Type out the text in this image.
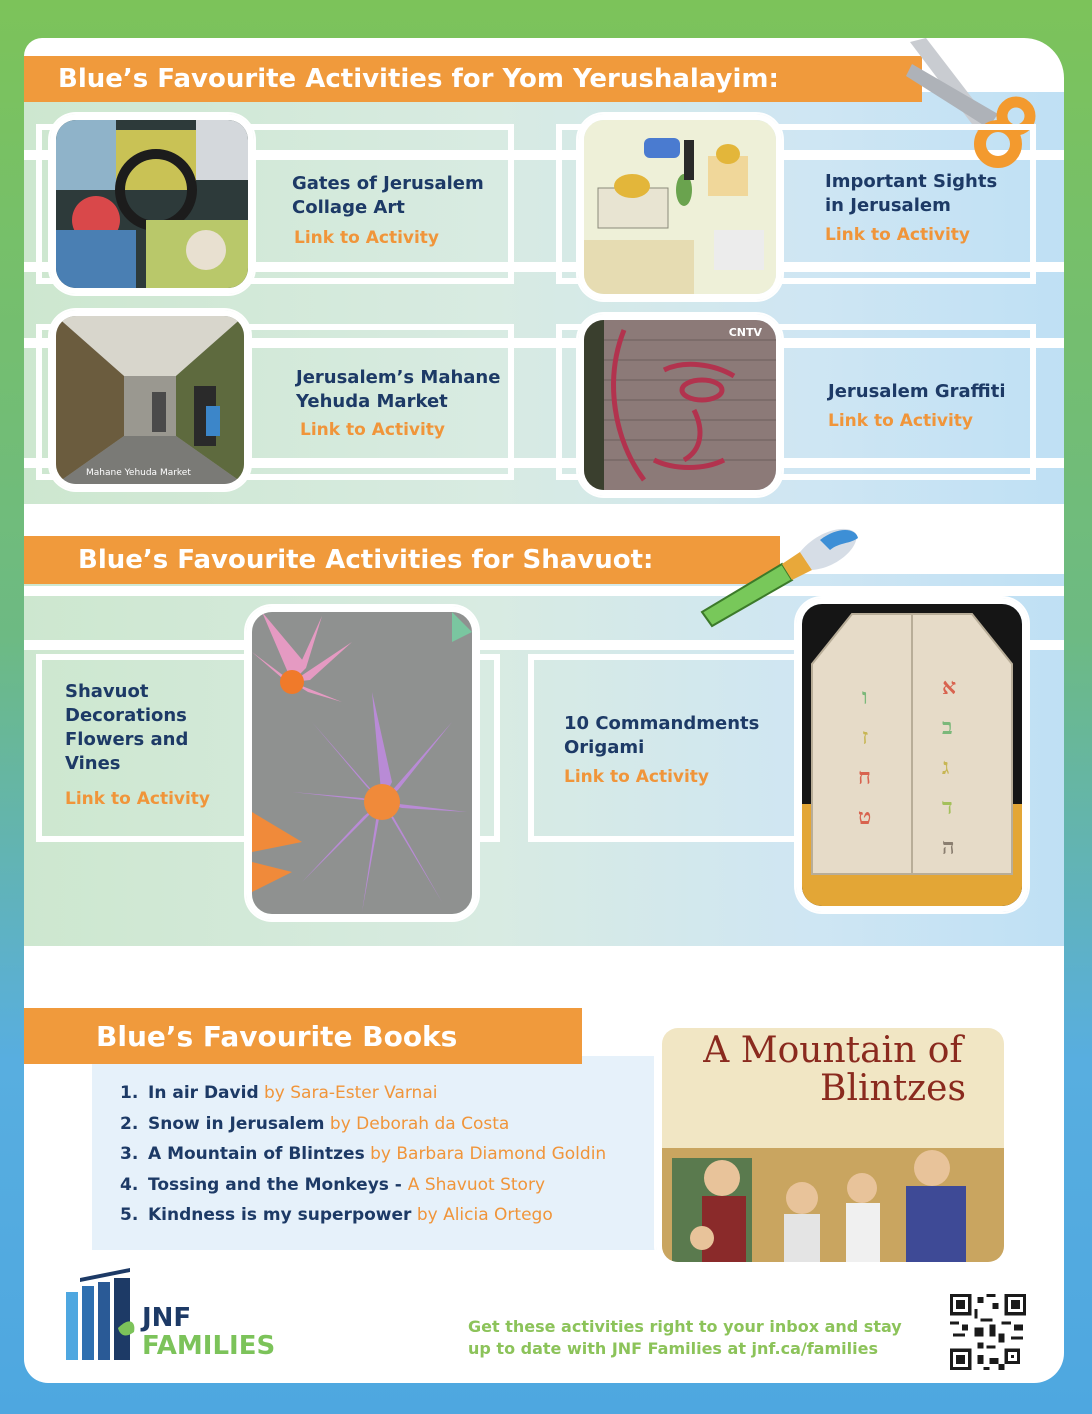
Blue’s Favourite Activities for Yom Yerushalayim:
Gates of Jerusalem
Collage Art
Link to Activity
Important Sights
in Jerusalem
Link to Activity
Mahane Yehuda Market
Jerusalem’s Mahane
Yehuda Market
Link to Activity
CNTV
Jerusalem Graffiti
Link to Activity
Blue’s Favourite Activities for Shavuot:
Shavuot
Decorations
Flowers and
Vines
Link to Activity
א
ב
ג
ד
ה
ו
ז
ח
ט
10 Commandments
Origami
Link to Activity
Blue’s Favourite Books
1. In air David by Sara-Ester Varnai
2. Snow in Jerusalem by Deborah da Costa
3. A Mountain of Blintzes by Barbara Diamond Goldin
4. Tossing and the Monkeys - A Shavuot Story
5. Kindness is my superpower by Alicia Ortego
A Mountain of
Blintzes
JNF
FAMILIES
Get these activities right to your inbox and stay
up to date with JNF Families at jnf.ca/families
